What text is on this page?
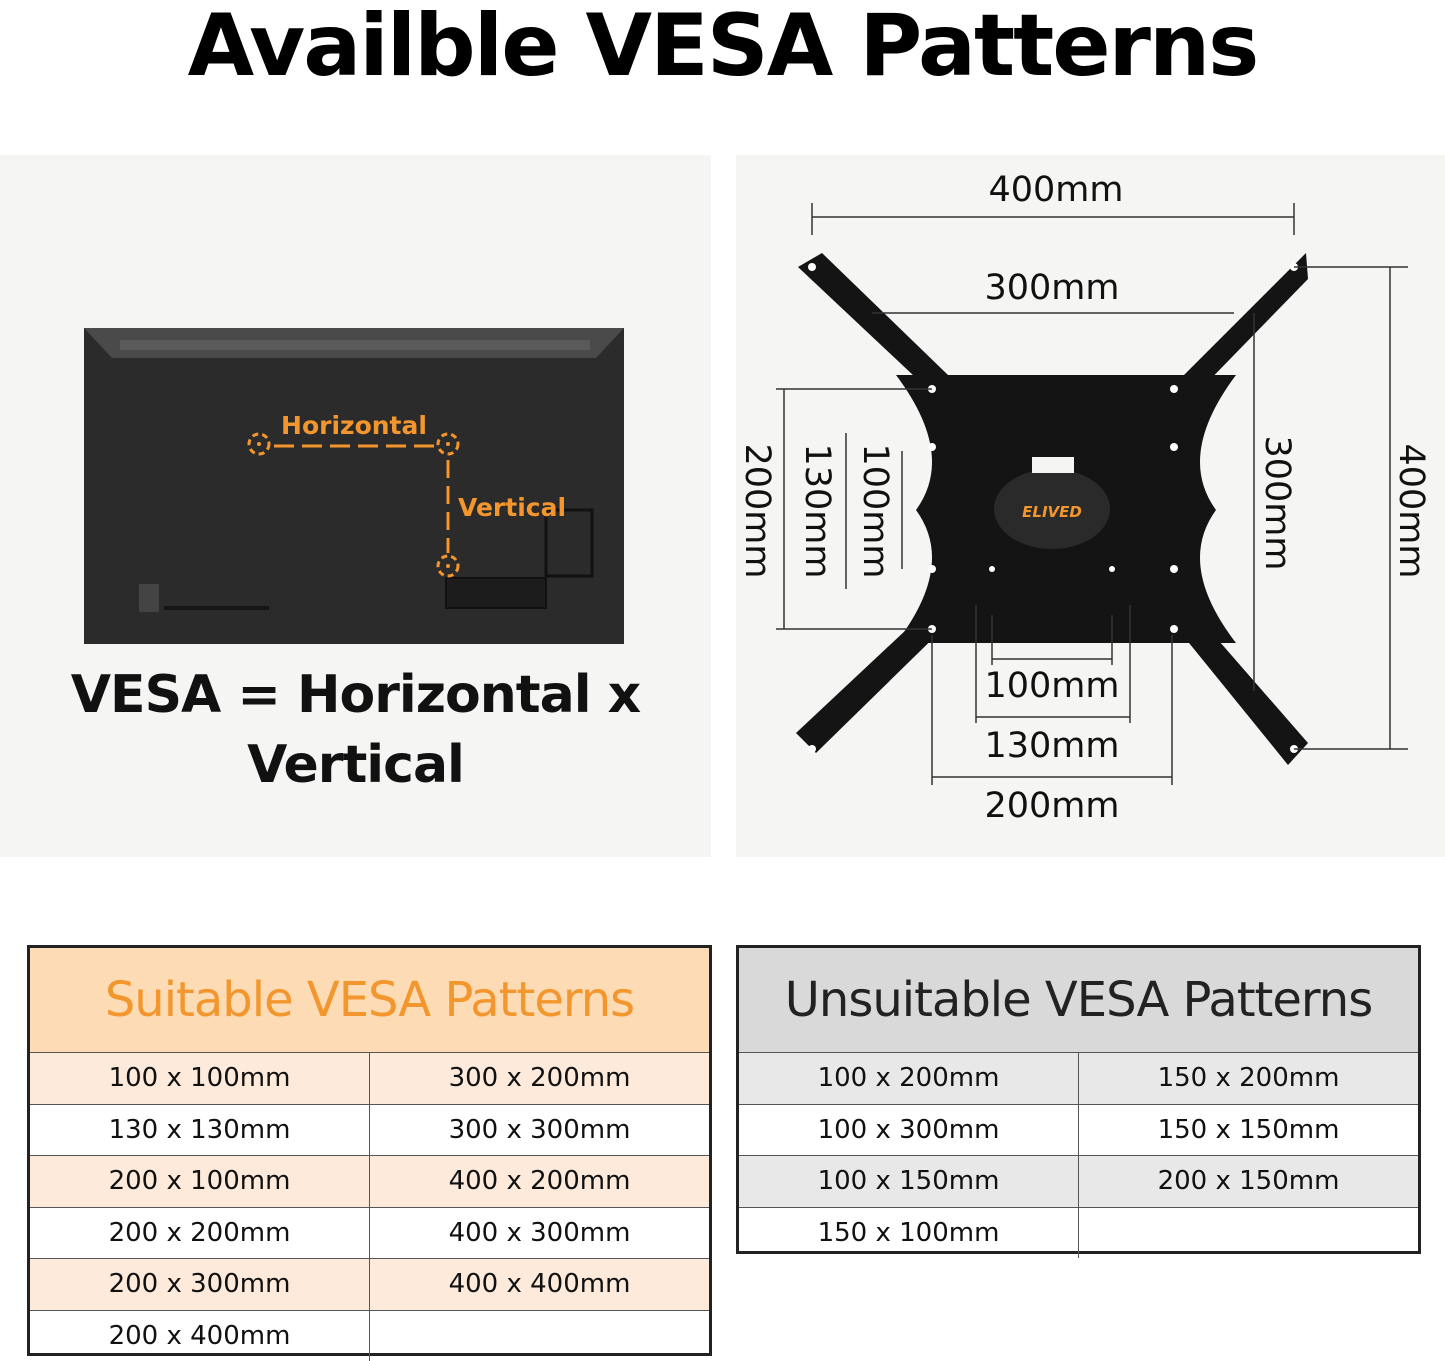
Availble VESA Patterns
Horizontal
Vertical
VESA = Horizontal x Vertical
ELIVED
400mm
300mm
200mm 130mm 100mm	300mm	400mm
100mm
130mm
200mm
Suitable VESA Patterns
100 x 100mm	300 x 200mm
130 x 130mm	300 x 300mm
200 x 100mm	400 x 200mm
200 x 200mm	400 x 300mm
200 x 300mm	400 x 400mm
200 x 400mm
Unsuitable VESA Patterns
100 x 200mm	150 x 200mm
100 x 300mm	150 x 150mm
100 x 150mm	200 x 150mm
150 x 100mm
